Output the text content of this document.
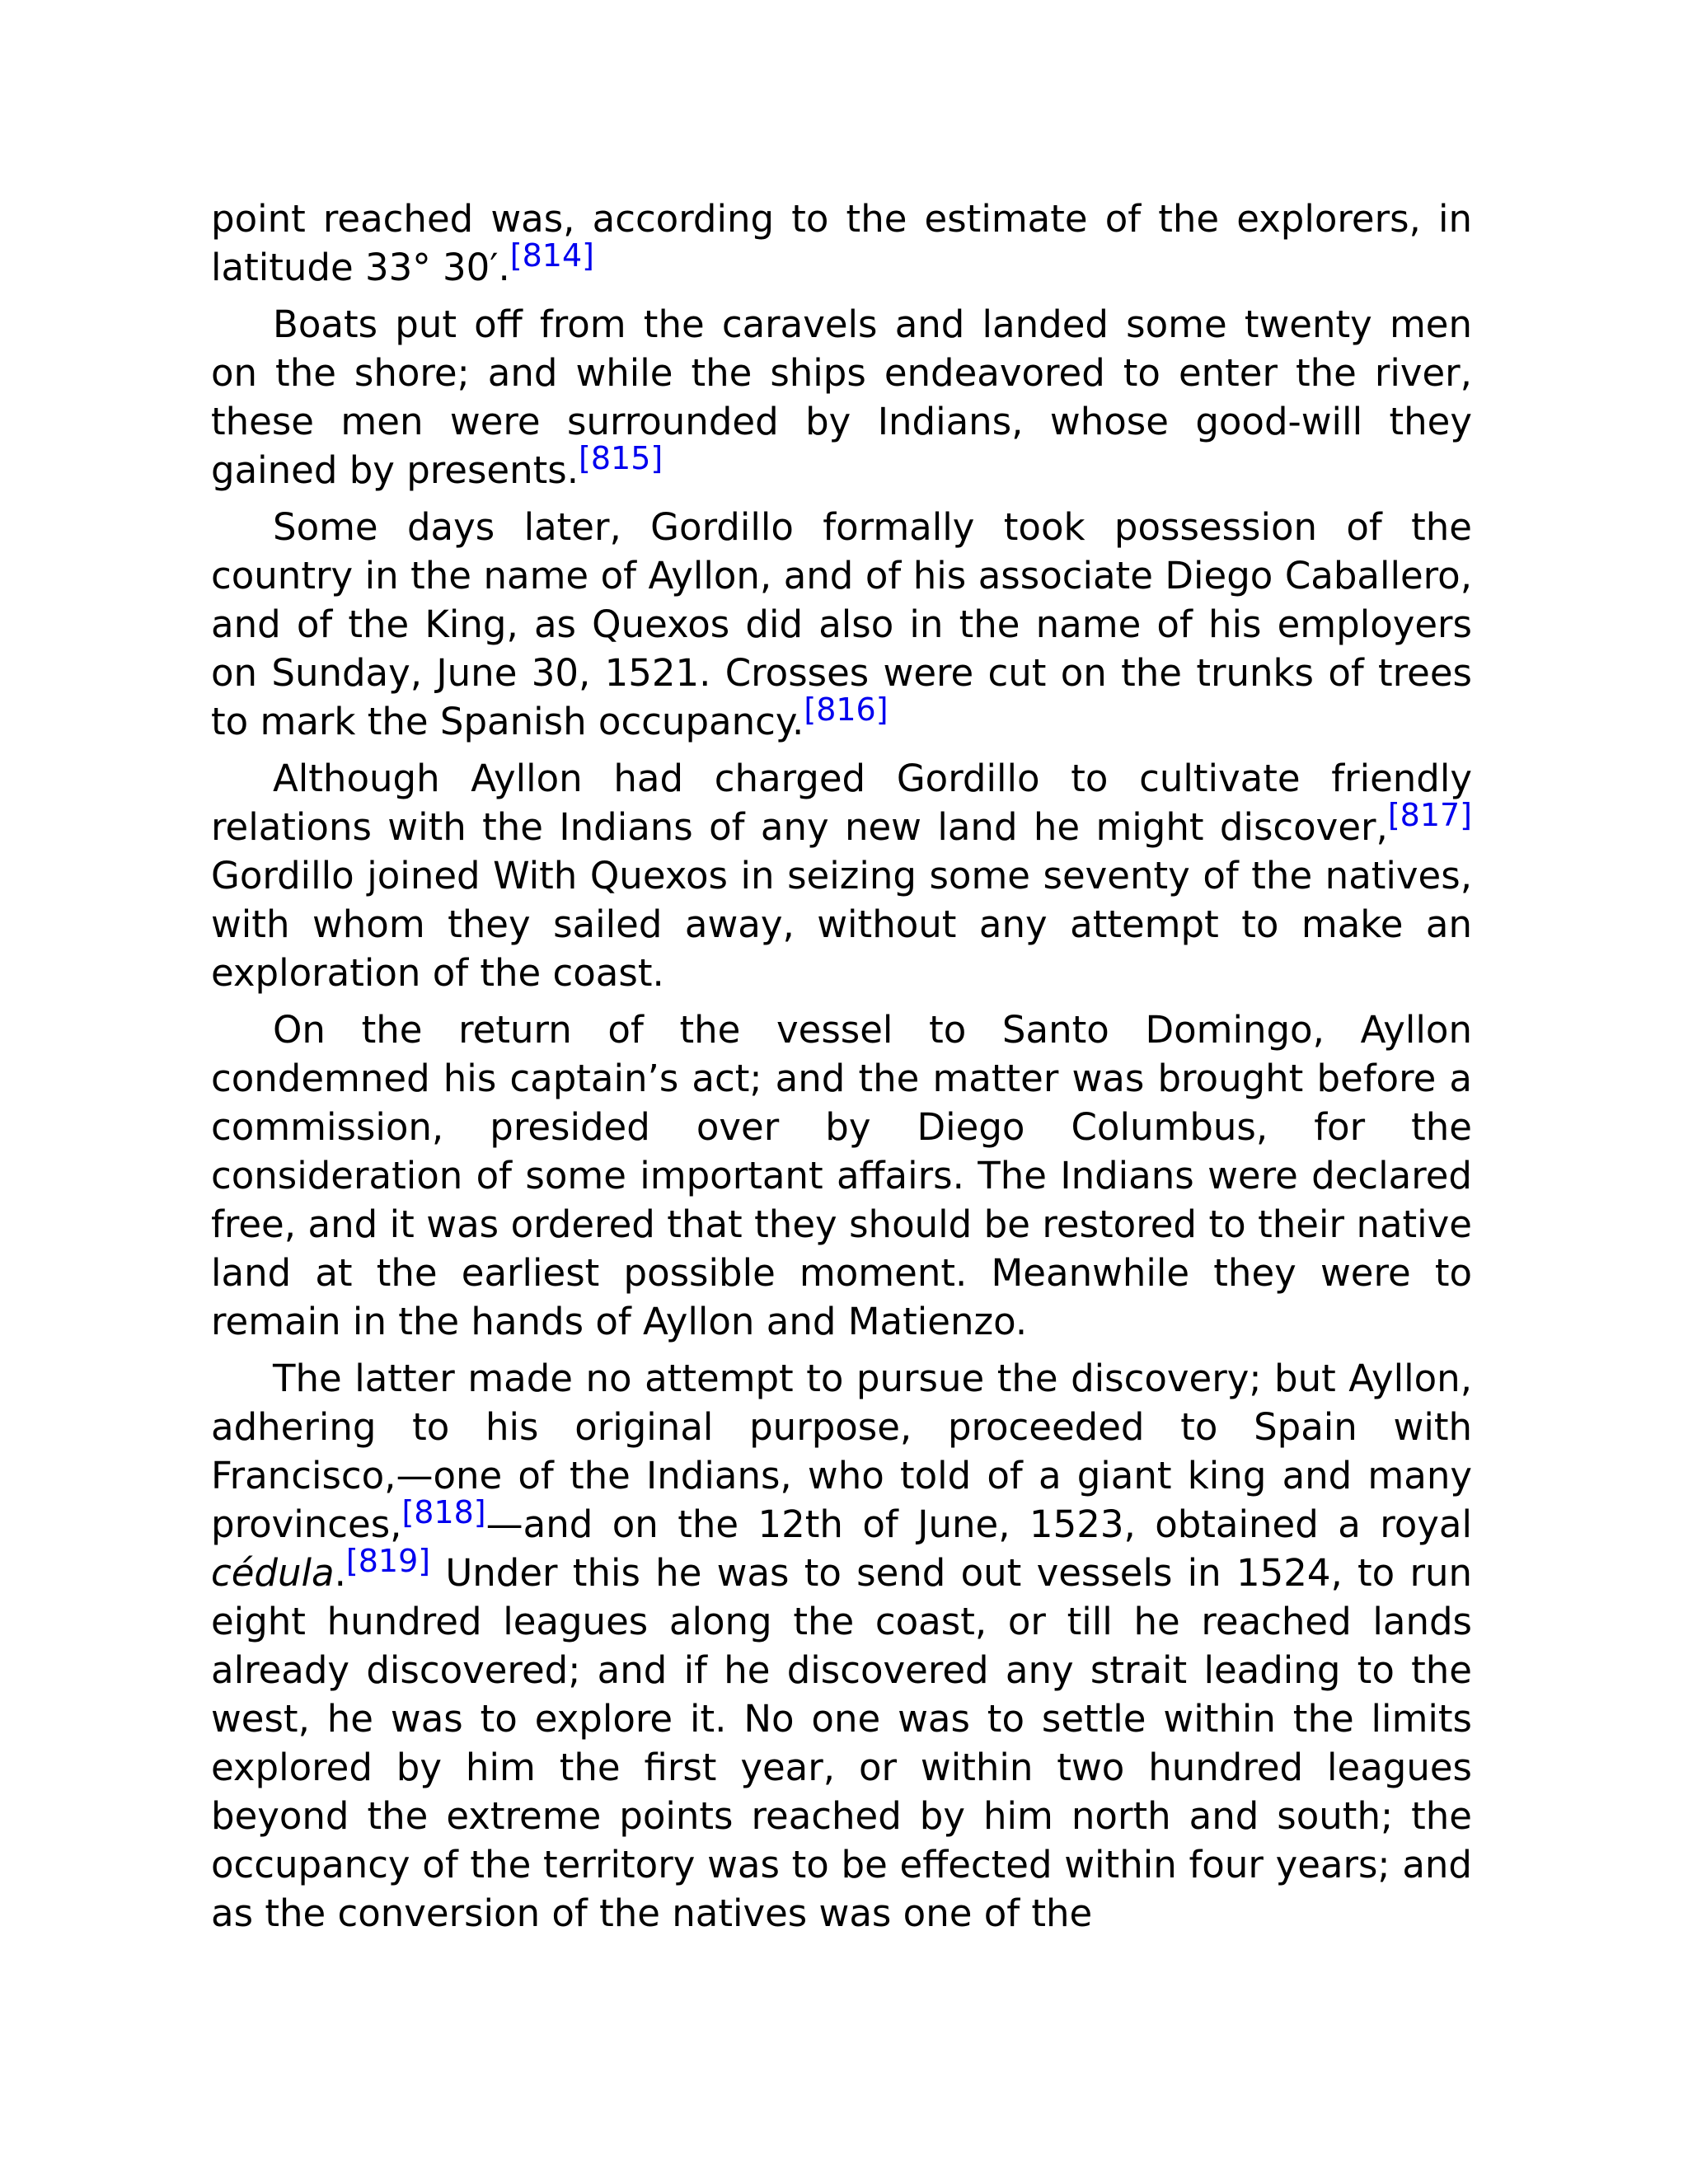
point reached was, according to the estimate of the explorers, in latitude 33° 30′.[814]

Boats put off from the caravels and landed some twenty men on the shore; and while the ships endeavored to enter the river, these men were surrounded by Indians, whose good-will they gained by presents.[815]

Some days later, Gordillo formally took possession of the country in the name of Ayllon, and of his associate Diego Caballero, and of the King, as Quexos did also in the name of his employers on Sunday, June 30, 1521. Crosses were cut on the trunks of trees to mark the Spanish occupancy.[816]

Although Ayllon had charged Gordillo to cultivate friendly relations with the Indians of any new land he might discover,[817] Gordillo joined With Quexos in seizing some seventy of the natives, with whom they sailed away, without any attempt to make an exploration of the coast.

On the return of the vessel to Santo Domingo, Ayllon condemned his captain’s act; and the matter was brought before a commission, presided over by Diego Columbus, for the consideration of some important affairs. The Indians were declared free, and it was ordered that they should be restored to their native land at the earliest possible moment. Meanwhile they were to remain in the hands of Ayllon and Matienzo.

The latter made no attempt to pursue the discovery; but Ayllon, adhering to his original purpose, proceeded to Spain with Francisco,—one of the Indians, who told of a giant king and many provinces,[818]—and on the 12th of June, 1523, obtained a royal cédula.[819] Under this he was to send out vessels in 1524, to run eight hundred leagues along the coast, or till he reached lands already discovered; and if he discovered any strait leading to the west, he was to explore it. No one was to settle within the limits explored by him the first year, or within two hundred leagues beyond the extreme points reached by him north and south; the occupancy of the territory was to be effected within four years; and as the conversion of the natives was one of the
